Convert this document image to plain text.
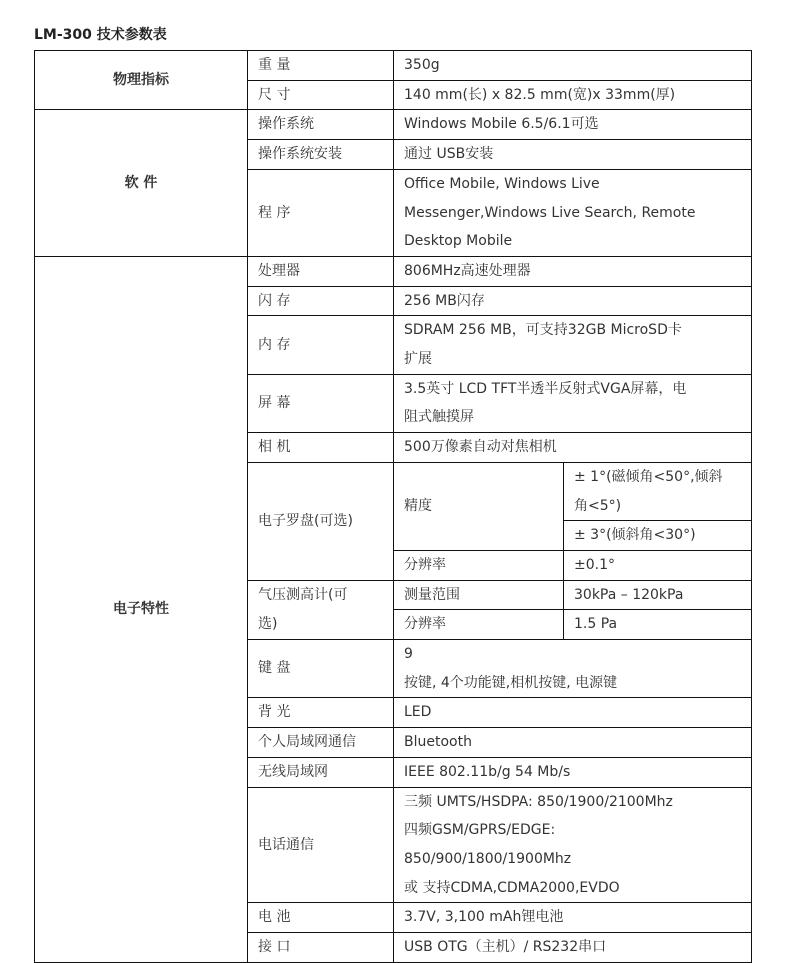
LM-300 技术参数表
物理指标	重 量	350g	
	尺 寸	140 mm(长) x 82.5 mm(宽)x 33mm(厚)	
软 件	操作系统	Windows Mobile 6.5/6.1可选	
	操作系统安装	通过 USB安装	
	程 序	Office Mobile, Windows Live
Messenger,Windows Live Search, Remote
Desktop Mobile	

电子特性	处理器	806MHz高速处理器	
	闪 存	256 MB闪存	
	内 存	SDRAM 256 MB，可支持32GB MicroSD卡
扩展	

	屏 幕	3.5英寸 LCD TFT半透半反射式VGA屏幕，电
阻式触摸屏	

	相 机	500万像素自动对焦相机	
	电子罗盘(可选)	精度	± 1°(磁倾角<50°,倾斜
角<5°)

			± 3°(倾斜角<30°)
		分辨率	±0.1°

	气压测高计(可
选)	测量范围	30kPa – 120kPa
		分辨率	1.5 Pa
	键 盘	9
按键, 4个功能键,相机按键, 电源键	

	背 光	LED	
	个人局域网通信	Bluetooth	
	无线局域网	IEEE 802.11b/g 54 Mb/s	
	电话通信	三频 UMTS/HSDPA: 850/1900/2100Mhz
四频GSM/GPRS/EDGE:
850/900/1800/1900Mhz
或 支持CDMA,CDMA2000,EVDO	

	电 池	3.7V, 3,100 mAh锂电池	
	接 口	USB OTG（主机）/ RS232串口	
